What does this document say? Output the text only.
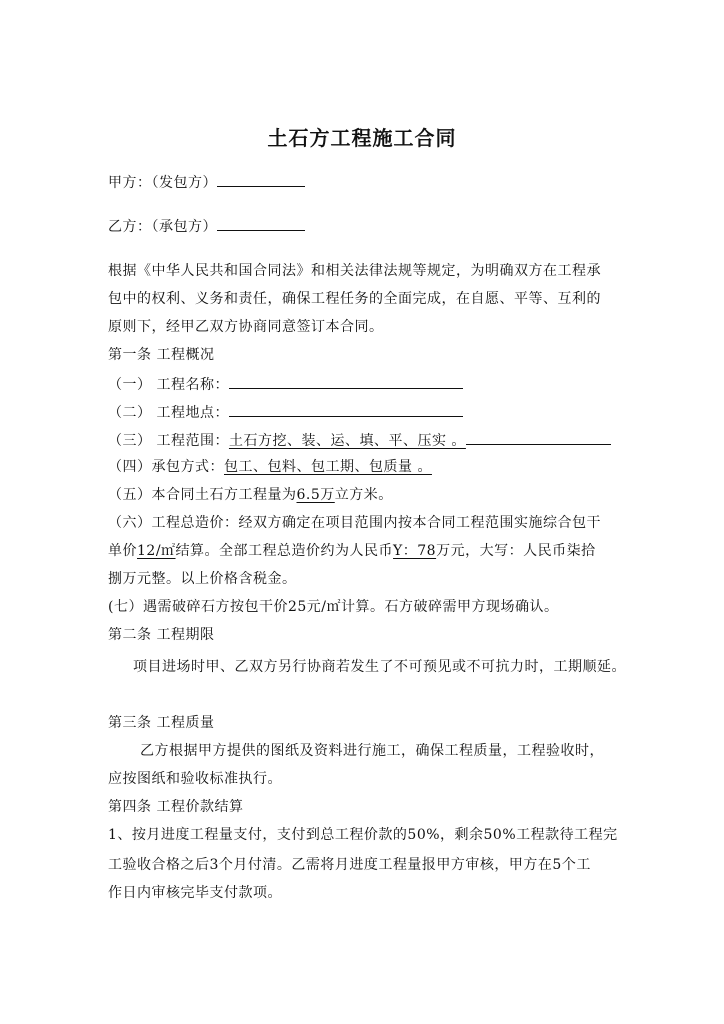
土石方工程施工合同

甲方：（发包方）

乙方：（承包方）

根据《中华人民共和国合同法》和相关法律法规等规定，为明确双方在工程承

包中的权利、义务和责任，确保工程任务的全面完成，在自愿、平等、互利的

原则下，经甲乙双方协商同意签订本合同。

第一条 工程概况

（一） 工程名称：

（二） 工程地点：

（三） 工程范围：土石方挖、装、运、填、平、压实 。

（四）承包方式：包工、包料、包工期、包质量 。

（五）本合同土石方工程量为6.5万立方米。

（六）工程总造价：经双方确定在项目范围内按本合同工程范围实施综合包干

单价12/㎡结算。全部工程总造价约为人民币Y：78万元，大写：人民币柒拾

捌万元整。以上价格含税金。

(七）遇需破碎石方按包干价25元/㎡计算。石方破碎需甲方现场确认。

第二条 工程期限

项目进场时甲、乙双方另行协商若发生了不可预见或不可抗力时，工期顺延。

第三条 工程质量

乙方根据甲方提供的图纸及资料进行施工，确保工程质量，工程验收时，

应按图纸和验收标准执行。

第四条 工程价款结算

1、按月进度工程量支付，支付到总工程价款的50%，剩余50%工程款待工程完

工验收合格之后3个月付清。乙需将月进度工程量报甲方审核，甲方在5个工

作日内审核完毕支付款项。
